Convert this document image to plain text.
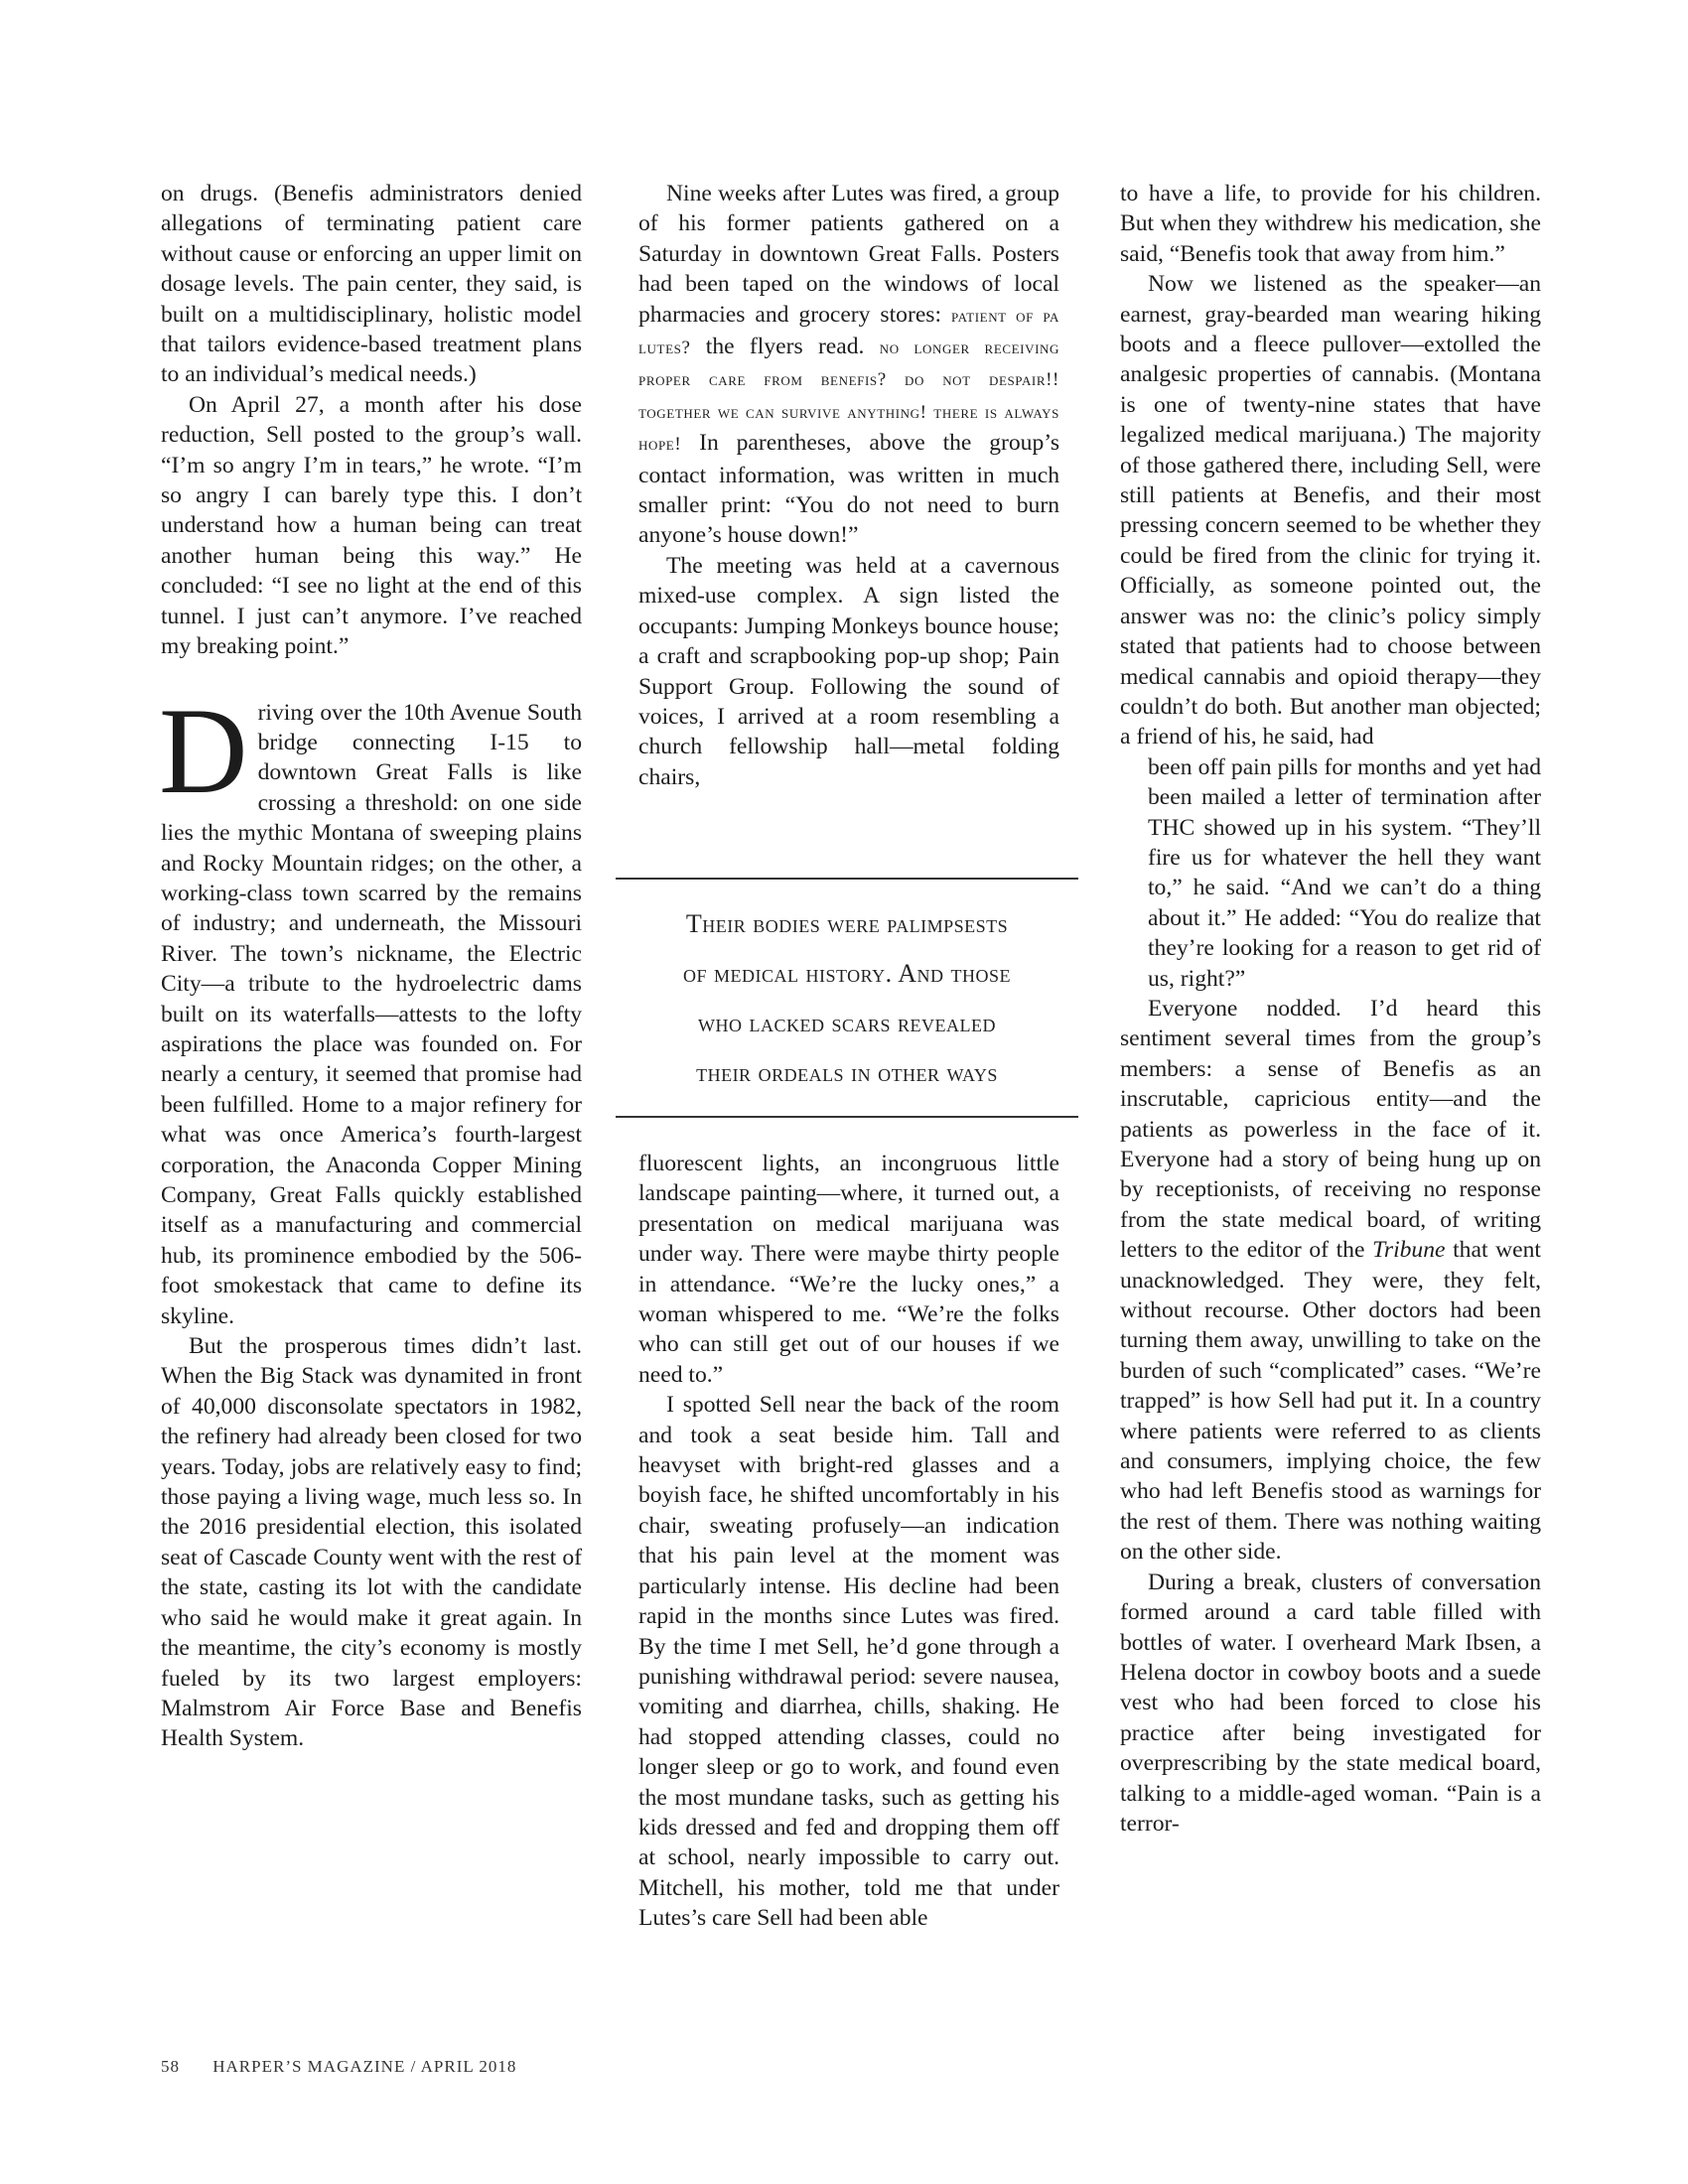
on drugs. (Benefis administrators denied allegations of terminating patient care without cause or enforcing an upper limit on dosage levels. The pain center, they said, is built on a multidisciplinary, holistic model that tailors evidence-based treatment plans to an individual’s medical needs.)

On April 27, a month after his dose reduction, Sell posted to the group’s wall. “I’m so angry I’m in tears,” he wrote. “I’m so angry I can barely type this. I don’t understand how a human being can treat another human being this way.” He concluded: “I see no light at the end of this tunnel. I just can’t anymore. I’ve reached my breaking point.”

Driving over the 10th Avenue South bridge connecting I-15 to downtown Great Falls is like crossing a threshold: on one side lies the mythic Montana of sweeping plains and Rocky Mountain ridges; on the other, a working-class town scarred by the remains of industry; and underneath, the Missouri River. The town’s nickname, the Electric City—a tribute to the hydroelectric dams built on its waterfalls—attests to the lofty aspirations the place was founded on. For nearly a century, it seemed that promise had been fulfilled. Home to a major refinery for what was once America’s fourth-largest corporation, the Anaconda Copper Mining Company, Great Falls quickly established itself as a manufacturing and commercial hub, its prominence embodied by the 506-foot smokestack that came to define its skyline.

But the prosperous times didn’t last. When the Big Stack was dynamited in front of 40,000 disconsolate spectators in 1982, the refinery had already been closed for two years. Today, jobs are relatively easy to find; those paying a living wage, much less so. In the 2016 presidential election, this isolated seat of Cascade County went with the rest of the state, casting its lot with the candidate who said he would make it great again. In the meantime, the city’s economy is mostly fueled by its two largest employers: Malmstrom Air Force Base and Benefis Health System.

Nine weeks after Lutes was fired, a group of his former patients gathered on a Saturday in downtown Great Falls. Posters had been taped on the windows of local pharmacies and grocery stores: patient of pa lutes? the flyers read. no longer receiving proper care from benefis? do not despair!! together we can survive anything! there is always hope! In parentheses, above the group’s contact information, was written in much smaller print: “You do not need to burn anyone’s house down!”

The meeting was held at a cavernous mixed-use complex. A sign listed the occupants: Jumping Monkeys bounce house; a craft and scrapbooking pop-up shop; Pain Support Group. Following the sound of voices, I arrived at a room resembling a church fellowship hall—metal folding chairs,

Their bodies were palimpsests
of medical history. And those
who lacked scars revealed
their ordeals in other ways

fluorescent lights, an incongruous little landscape painting—where, it turned out, a presentation on medical marijuana was under way. There were maybe thirty people in attendance. “We’re the lucky ones,” a woman whispered to me. “We’re the folks who can still get out of our houses if we need to.”

I spotted Sell near the back of the room and took a seat beside him. Tall and heavyset with bright-red glasses and a boyish face, he shifted uncomfortably in his chair, sweating profusely—an indication that his pain level at the moment was particularly intense. His decline had been rapid in the months since Lutes was fired. By the time I met Sell, he’d gone through a punishing withdrawal period: severe nausea, vomiting and diarrhea, chills, shaking. He had stopped attending classes, could no longer sleep or go to work, and found even the most mundane tasks, such as getting his kids dressed and fed and dropping them off at school, nearly impossible to carry out. Mitchell, his mother, told me that under Lutes’s care Sell had been able

to have a life, to provide for his children. But when they withdrew his medication, she said, “Benefis took that away from him.”

Now we listened as the speaker—an earnest, gray-bearded man wearing hiking boots and a fleece pullover—extolled the analgesic properties of cannabis. (Montana is one of twenty-nine states that have legalized medical marijuana.) The majority of those gathered there, including Sell, were still patients at Benefis, and their most pressing concern seemed to be whether they could be fired from the clinic for trying it. Officially, as someone pointed out, the answer was no: the clinic’s policy simply stated that patients had to choose between medical cannabis and opioid therapy—they couldn’t do both. But another man objected; a friend of his, he said, had

been off pain pills for months and yet had been mailed a letter of termination after THC showed up in his system. “They’ll fire us for whatever the hell they want to,” he said. “And we can’t do a thing about it.” He added: “You do realize that they’re looking for a reason to get rid of us, right?”

Everyone nodded. I’d heard this sentiment several times from the group’s members: a sense of Benefis as an inscrutable, capricious entity—and the patients as powerless in the face of it. Everyone had a story of being hung up on by receptionists, of receiving no response from the state medical board, of writing letters to the editor of the Tribune that went unacknowledged. They were, they felt, without recourse. Other doctors had been turning them away, unwilling to take on the burden of such “complicated” cases. “We’re trapped” is how Sell had put it. In a country where patients were referred to as clients and consumers, implying choice, the few who had left Benefis stood as warnings for the rest of them. There was nothing waiting on the other side.

During a break, clusters of conversation formed around a card table filled with bottles of water. I overheard Mark Ibsen, a Helena doctor in cowboy boots and a suede vest who had been forced to close his practice after being investigated for overprescribing by the state medical board, talking to a middle-aged woman. “Pain is a terror-

58 HARPER’S MAGAZINE / APRIL 2018
